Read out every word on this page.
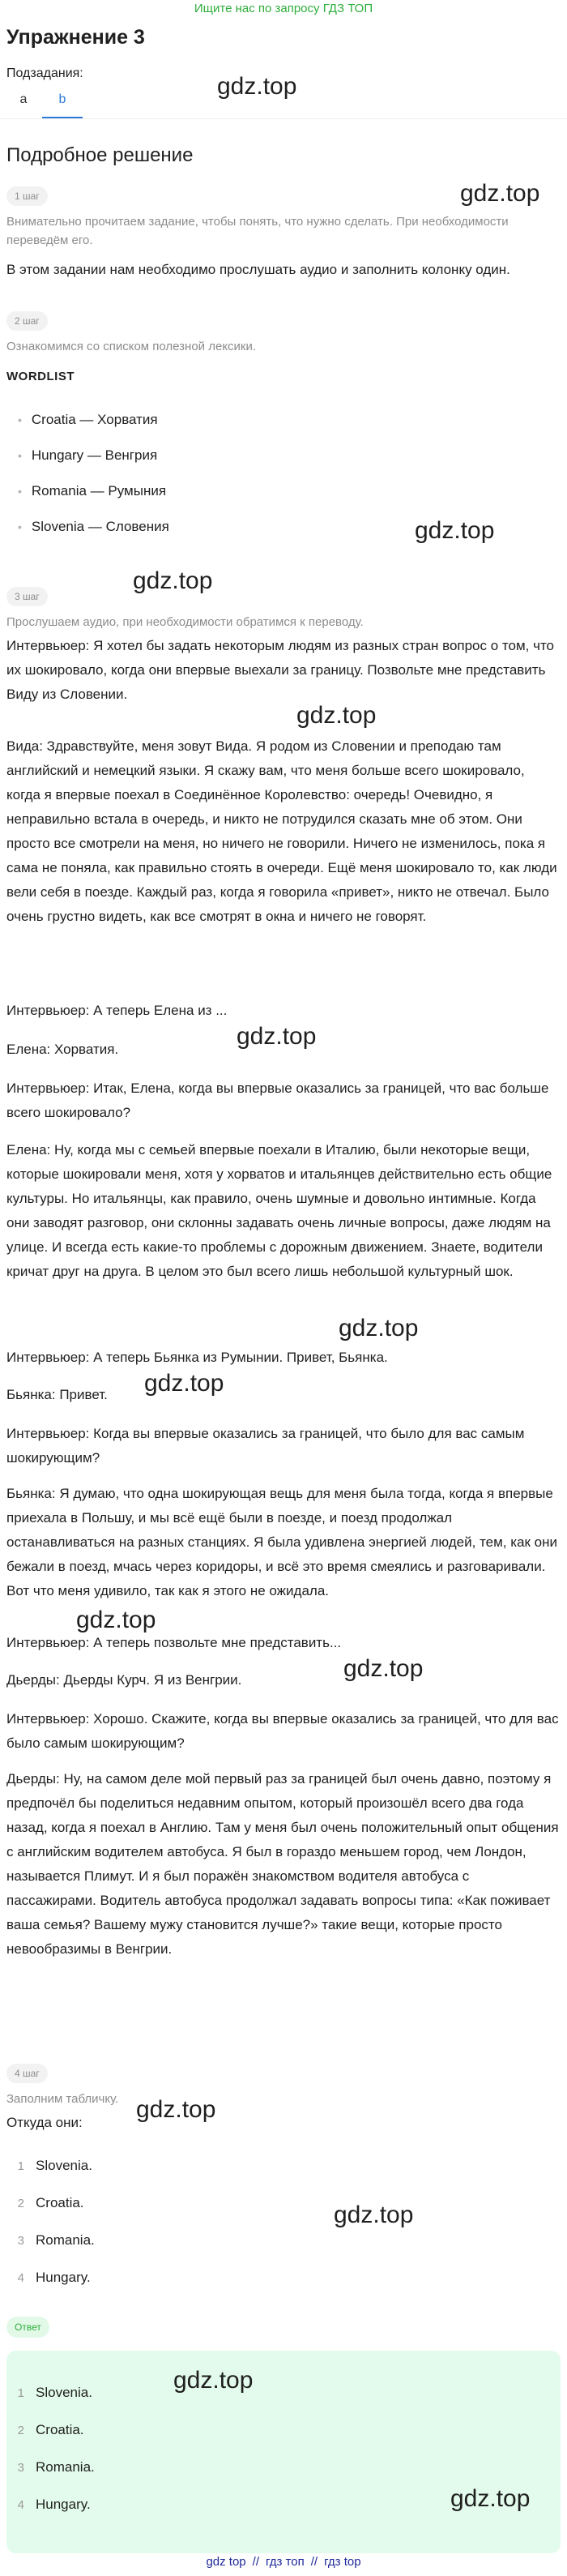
Ищите нас по запросу ГДЗ ТОП
Упражнение 3
gdz.top
Подзадания:
a	b
Подробное решение
gdz.top
1 шаг
Внимательно прочитаем задание, чтобы понять, что нужно сделать. При необходимости переведём его.
В этом задании нам необходимо прослушать аудио и заполнить колонку один.
2 шаг
Ознакомимся со списком полезной лексики.
WORDLIST
• Croatia — Хорватия
• Hungary — Венгрия
• Romania — Румыния
• Slovenia — Словения	gdz.top
gdz.top
3 шаг
Прослушаем аудио, при необходимости обратимся к переводу.
Интервьюер: Я хотел бы задать некоторым людям из разных стран вопрос о том, что их шокировало, когда они впервые выехали за границу. Позвольте мне представить Виду из Словении.
gdz.top
Вида: Здравствуйте, меня зовут Вида. Я родом из Словении и преподаю там английский и немецкий языки. Я скажу вам, что меня больше всего шокировало, когда я впервые поехал в Соединённое Королевство: очередь! Очевидно, я неправильно встала в очередь, и никто не потрудился сказать мне об этом. Они просто все смотрели на меня, но ничего не говорили. Ничего не изменилось, пока я сама не поняла, как правильно стоять в очереди. Ещё меня шокировало то, как люди вели себя в поезде. Каждый раз, когда я говорила «привет», никто не отвечал. Было очень грустно видеть, как все смотрят в окна и ничего не говорят.
Интервьюер: А теперь Елена из ...
gdz.top
Елена: Хорватия.
Интервьюер: Итак, Елена, когда вы впервые оказались за границей, что вас больше всего шокировало?
Елена: Ну, когда мы с семьей впервые поехали в Италию, были некоторые вещи, которые шокировали меня, хотя у хорватов и итальянцев действительно есть общие культуры. Но итальянцы, как правило, очень шумные и довольно интимные. Когда они заводят разговор, они склонны задавать очень личные вопросы, даже людям на улице. И всегда есть какие-то проблемы с дорожным движением. Знаете, водители кричат друг на друга. В целом это был всего лишь небольшой культурный шок.
gdz.top
Интервьюер: А теперь Бьянка из Румынии. Привет, Бьянка.
gdz.top
Бьянка: Привет.
Интервьюер: Когда вы впервые оказались за границей, что было для вас самым шокирующим?
Бьянка: Я думаю, что одна шокирующая вещь для меня была тогда, когда я впервые приехала в Польшу, и мы всё ещё были в поезде, и поезд продолжал останавливаться на разных станциях. Я была удивлена энергией людей, тем, как они бежали в поезд, мчась через коридоры, и всё это время смеялись и разговаривали. Вот что меня удивило, так как я этого не ожидала.
gdz.top
Интервьюер: А теперь позвольте мне представить...
gdz.top
Дьерды: Дьерды Курч. Я из Венгрии.
Интервьюер: Хорошо. Скажите, когда вы впервые оказались за границей, что для вас было самым шокирующим?
Дьерды: Ну, на самом деле мой первый раз за границей был очень давно, поэтому я предпочёл бы поделиться недавним опытом, который произошёл всего два года назад, когда я поехал в Англию. Там у меня был очень положительный опыт общения с английским водителем автобуса. Я был в гораздо меньшем город, чем Лондон, называется Плимут. И я был поражён знакомством водителя автобуса с пассажирами. Водитель автобуса продолжал задавать вопросы типа: «Как поживает ваша семья? Вашему мужу становится лучше?» такие вещи, которые просто невообразимы в Венгрии.
4 шаг
Заполним табличку. gdz.top
Откуда они:
1 Slovenia.
2 Croatia.
3 Romania.
gdz.top
4 Hungary.
Ответ
1 Slovenia.	gdz.top
2 Croatia.
3 Romania.
4 Hungary.	gdz.top
gdz top // гдз топ // гдз top
